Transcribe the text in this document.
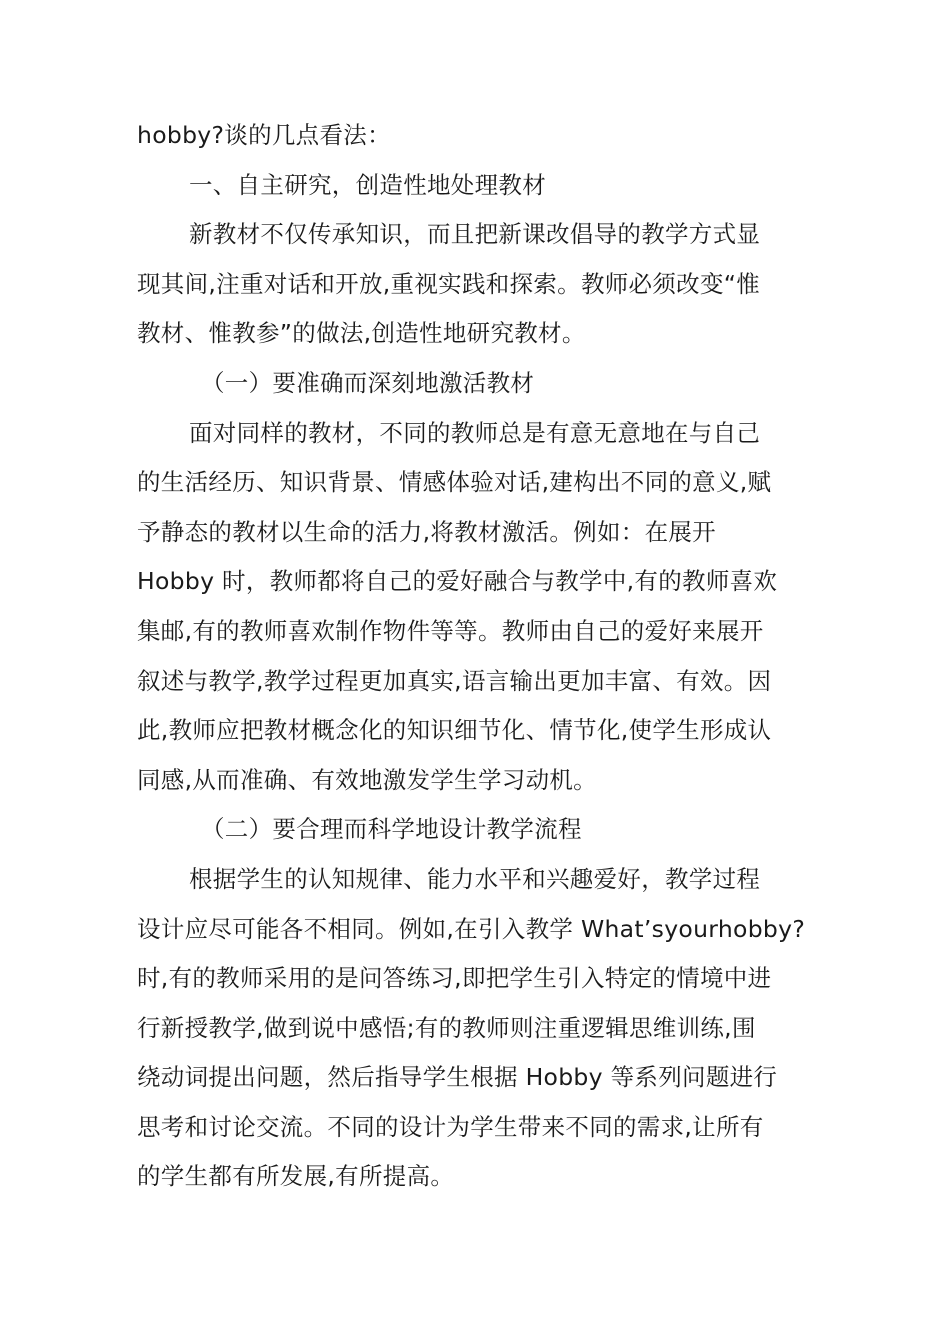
hobby?谈的几点看法：
一、自主研究，创造性地处理教材
新教材不仅传承知识，而且把新课改倡导的教学方式显
现其间,注重对话和开放,重视实践和探索。教师必须改变“惟
教材、惟教参”的做法,创造性地研究教材。
（一）要准确而深刻地激活教材
面对同样的教材，不同的教师总是有意无意地在与自己
的生活经历、知识背景、情感体验对话,建构出不同的意义,赋
予静态的教材以生命的活力,将教材激活。例如：在展开
Hobby 时，教师都将自己的爱好融合与教学中,有的教师喜欢
集邮,有的教师喜欢制作物件等等。教师由自己的爱好来展开
叙述与教学,教学过程更加真实,语言输出更加丰富、有效。因
此,教师应把教材概念化的知识细节化、情节化,使学生形成认
同感,从而准确、有效地激发学生学习动机。
（二）要合理而科学地设计教学流程
根据学生的认知规律、能力水平和兴趣爱好，教学过程
设计应尽可能各不相同。例如,在引入教学 What’syourhobby?
时,有的教师采用的是问答练习,即把学生引入特定的情境中进
行新授教学,做到说中感悟;有的教师则注重逻辑思维训练,围
绕动词提出问题，然后指导学生根据 Hobby 等系列问题进行
思考和讨论交流。不同的设计为学生带来不同的需求,让所有
的学生都有所发展,有所提高。
